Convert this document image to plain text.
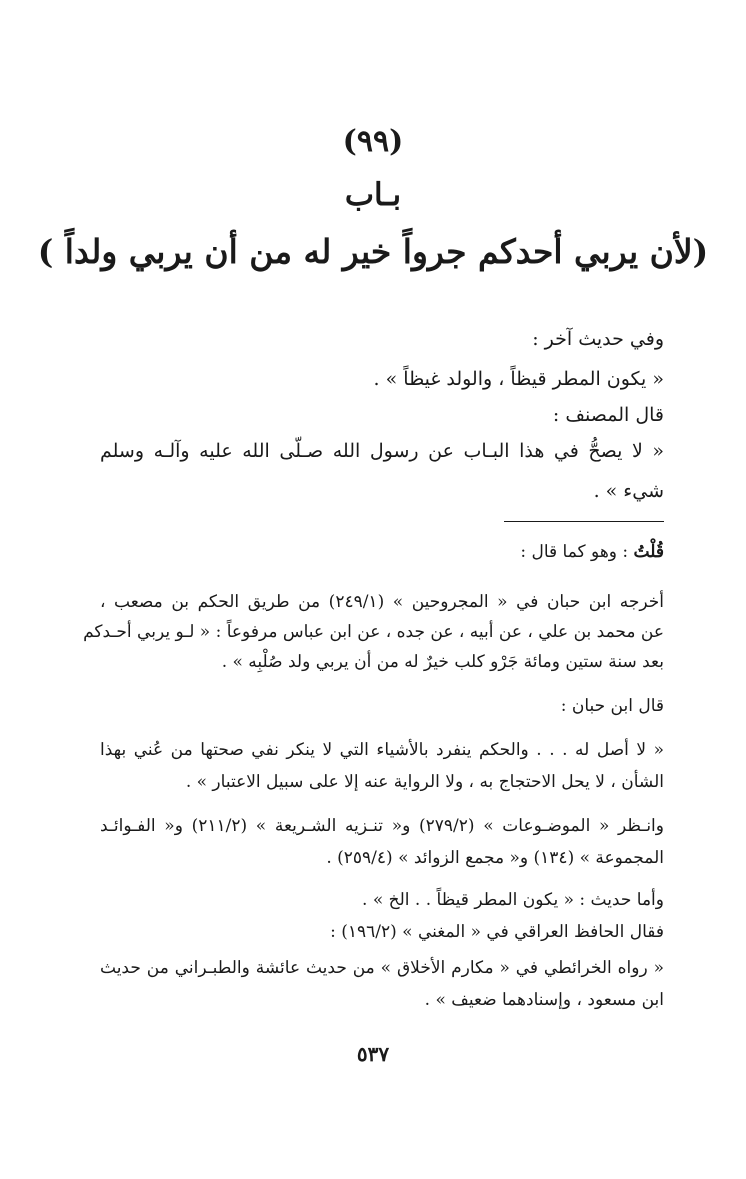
(٩٩)
بـاب
(لأن يربي أحدكم جرواً خير له من أن يربي ولداً )
وفي حديث آخر :
« يكون المطر قيظاً ، والولد غيظاً » .
قال المصنف :
« لا يصحُّ في هذا البـاب عن رسول الله صـلّى الله عليه وآلـه وسلم
شيء » .
قُلْتُ : وهو كما قال :
أخرجه ابن حبان في « المجروحين » (٢٤٩/١) من طريق الحكم بن مصعب ،
عن محمد بن علي ، عن أبيه ، عن جده ، عن ابن عباس مرفوعاً : « لـو يربي أحـدكم
بعد سنة ستين ومائة جَرْو كلب خيرٌ له من أن يربي ولد صُلْبِه » .
قال ابن حبان :
« لا أصل له . . . والحكم ينفرد بالأشياء التي لا ينكر نفي صحتها من عُني بهذا
الشأن ، لا يحل الاحتجاج به ، ولا الرواية عنه إلا على سبيل الاعتبار » .
وانـظر « الموضـوعات » (٢٧٩/٢) و« تنـزيه الشـريعة » (٢١١/٢) و« الفـوائـد
المجموعة » (١٣٤) و« مجمع الزوائد » (٢٥٩/٤) .
وأما حديث : « يكون المطر قيظاً . . الخ » .
فقال الحافظ العراقي في « المغني » (١٩٦/٢) :
« رواه الخرائطي في « مكارم الأخلاق » من حديث عائشة والطبـراني من حديث
ابن مسعود ، وإسنادهما ضعيف » .
٥٣٧
